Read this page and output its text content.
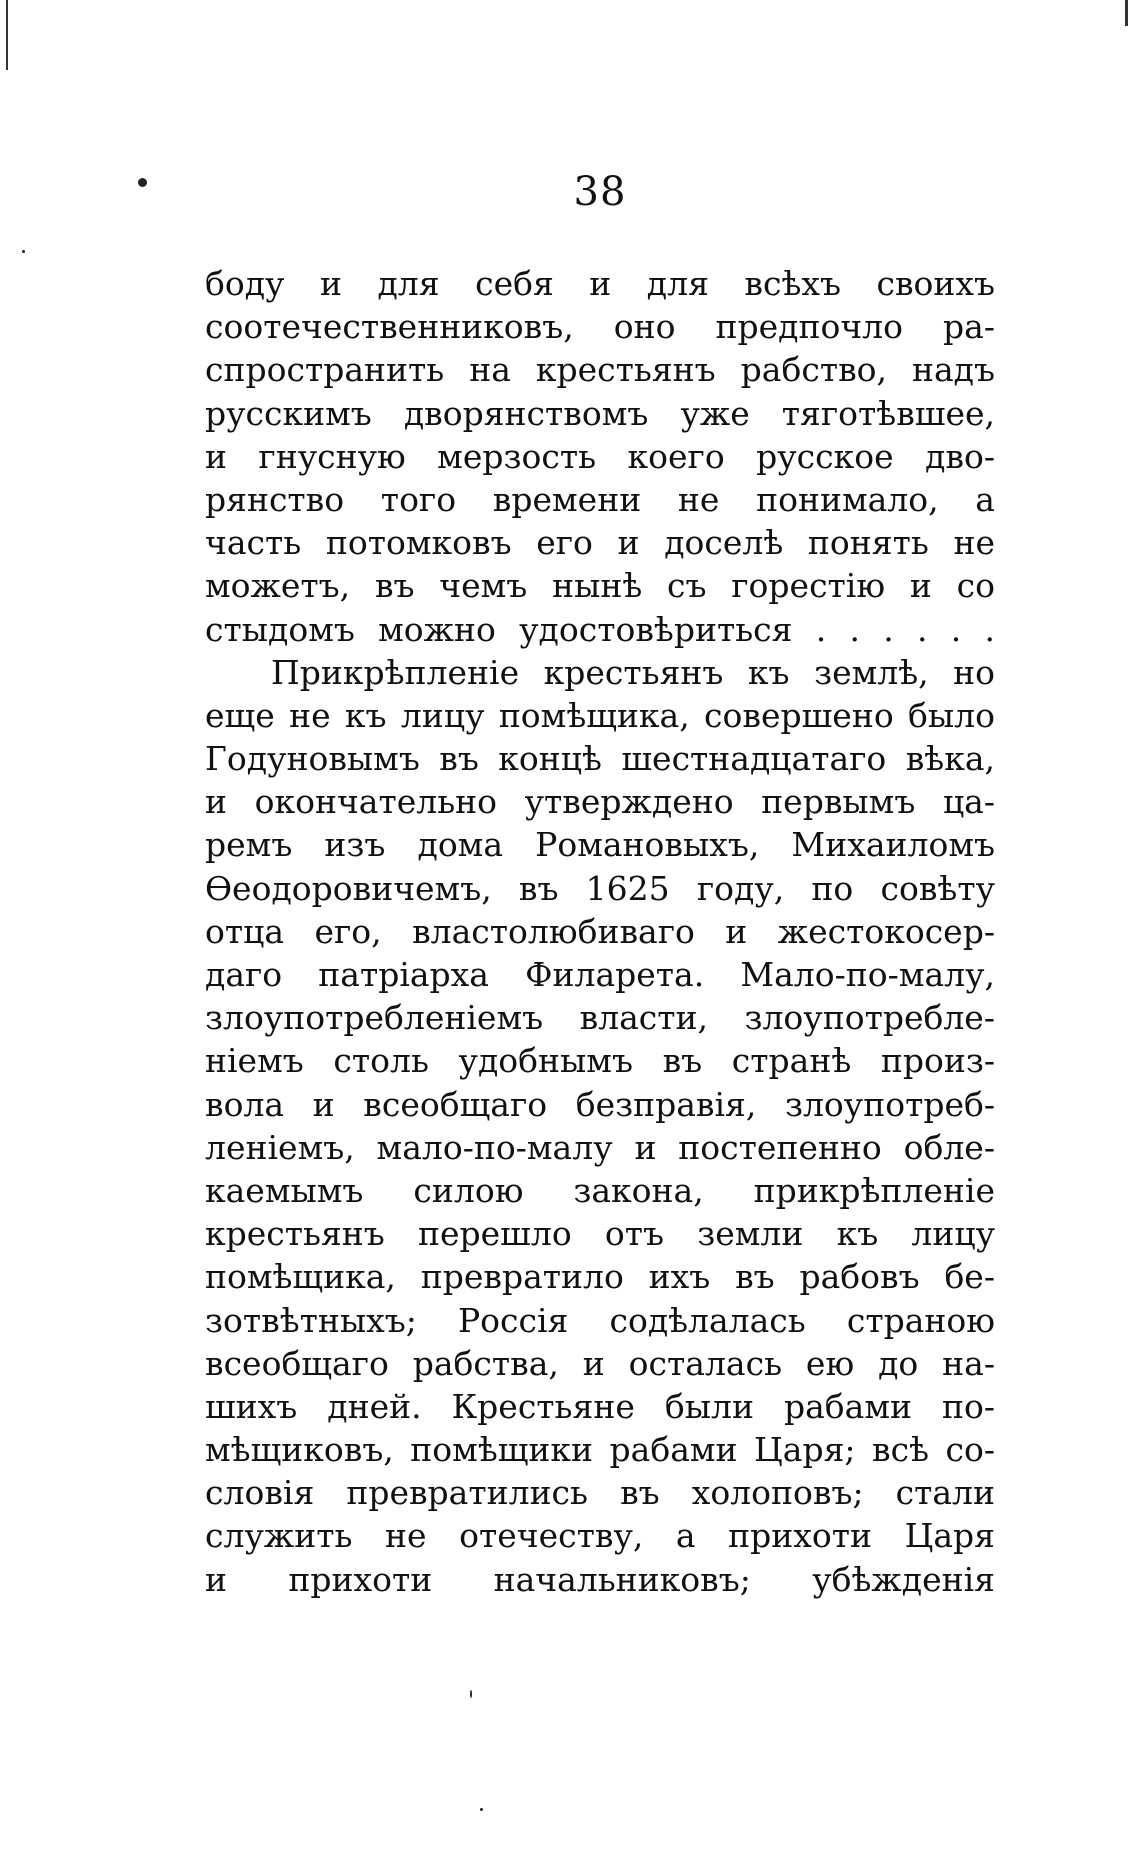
38
боду и для себя и для всѣхъ своихъ
соотечественниковъ, оно предпочло ра-
спространить на крестьянъ рабство, надъ
русскимъ дворянствомъ уже тяготѣвшее,
и гнусную мерзость коего русское дво-
рянство того времени не понимало, а
часть потомковъ его и доселѣ понять не
можетъ, въ чемъ нынѣ съ горестію и со
стыдомъ можно удостовѣриться . . . . . .
Прикрѣпленіе крестьянъ къ землѣ, но
еще не къ лицу помѣщика, совершено было
Годуновымъ въ концѣ шестнадцатаго вѣка,
и окончательно утверждено первымъ ца-
ремъ изъ дома Романовыхъ, Михаиломъ
Ѳеодоровичемъ, въ 1625 году, по совѣту
отца его, властолюбиваго и жестокосер-
даго патріарха Филарета. Мало-по-малу,
злоупотребленіемъ власти, злоупотребле-
ніемъ столь удобнымъ въ странѣ произ-
вола и всеобщаго безправія, злоупотреб-
леніемъ, мало-по-малу и постепенно обле-
каемымъ силою закона, прикрѣпленіе
крестьянъ перешло отъ земли къ лицу
помѣщика, превратило ихъ въ рабовъ бе-
зотвѣтныхъ; Россія содѣлалась страною
всеобщаго рабства, и осталась ею до на-
шихъ дней. Крестьяне были рабами по-
мѣщиковъ, помѣщики рабами Царя; всѣ со-
словія превратились въ холоповъ; стали
служить не отечеству, а прихоти Царя
и прихоти начальниковъ; убѣжденія
